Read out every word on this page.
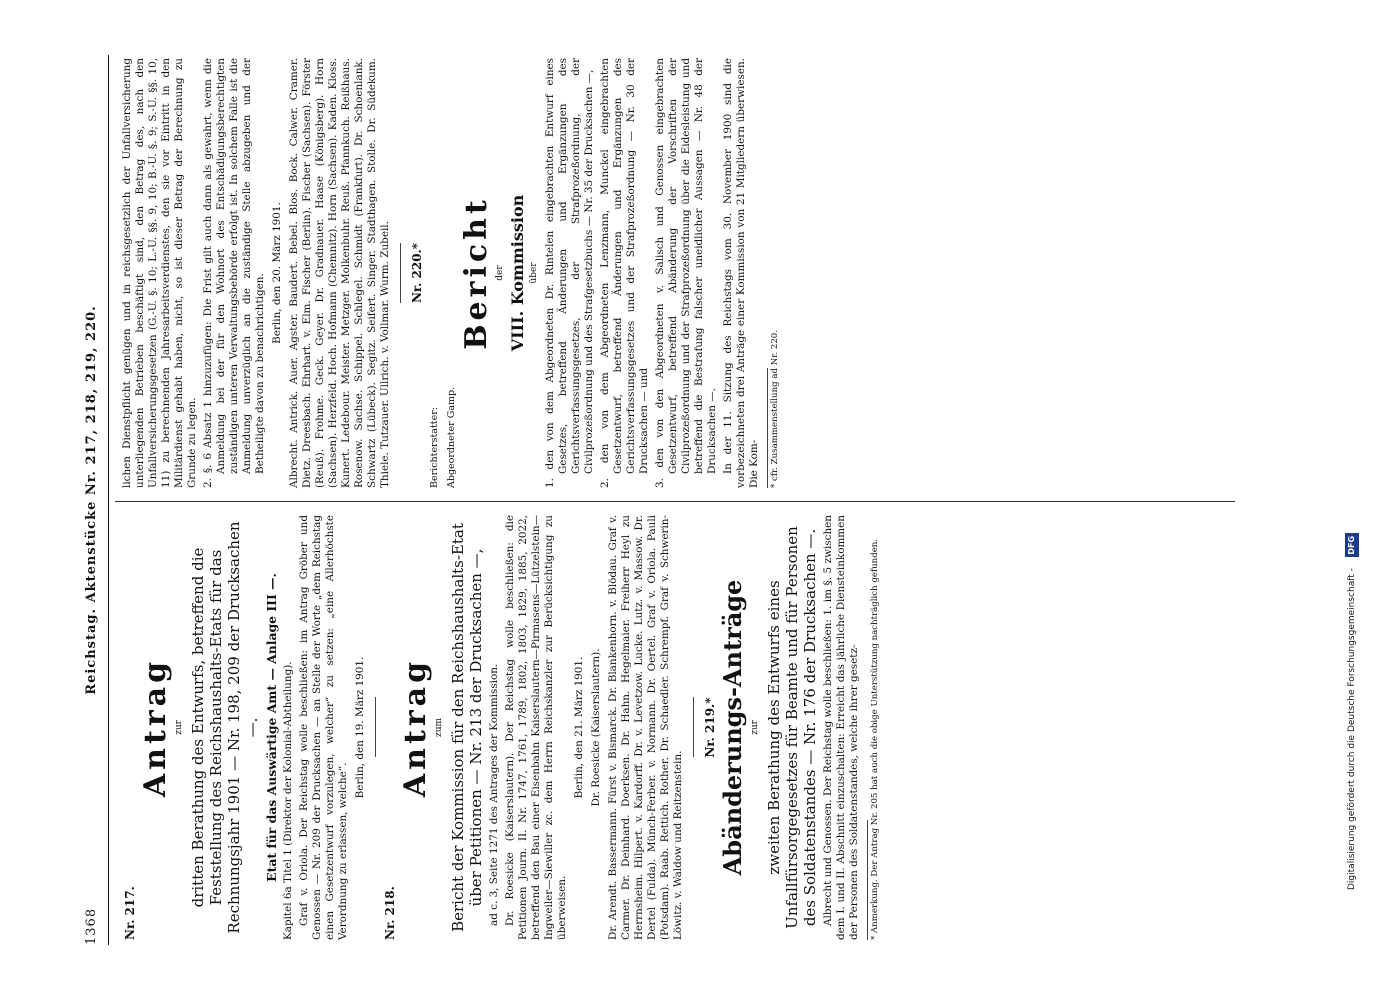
1368
Reichstag. Aktenstücke Nr. 217, 218, 219, 220.
Nr. 217.
Antrag zur dritten Berathung des Entwurfs, betreffend die Feststellung des Reichshaushalts-Etats für das Rechnungsjahr 1901 — Nr. 198, 209 der Drucksachen —. Etat für das Auswärtige Amt — Anlage III —. Kapitel 6a Titel 1 (Direktor der Kolonial-Abtheilung). Graf v. Oriola. Der Reichstag wolle beschließen: im Antrag Gröber und Genossen — Nr. 209 der Drucksachen — an Stelle der Worte „dem Reichstag einen Gesetzentwurf vorzulegen, welcher“ zu setzen: „eine Allerhöchste Verordnung zu erlassen, welche“.

Berlin, den 19. März 1901.
Nr. 218.
Antrag zum Bericht der Kommission für den Reichshaushalts-Etat über Petitionen — Nr. 213 der Drucksachen —, ad c. 3, Seite 1271 des Antrages der Kommission. Dr. Roesicke (Kaiserslautern). Der Reichstag wolle beschließen: die Petitionen Journ. II. Nr. 1747, 1761, 1789, 1802, 1803, 1829, 1885, 2022, betreffend den Bau einer Eisenbahn Kaiserslautern—Pirmasens—Lützelstein—Ingweiler—Siewiller zc. dem Herrn Reichskanzler zur Berücksichtigung zu überweisen.

Berlin, den 21. März 1901. Dr. Roesicke (Kaiserslautern). Dr. Arendt. Bassermann. Fürst v. Bismarck. Dr. Blankenhorn. v. Blödau. Graf v. Carmer. Dr. Deinhard. Doerksen. Dr. Hahn. Hegelmaier. Freiherr Heyl zu Herrnsheim. Hilpert. v. Kardorff. Dr. v. Levetzow. Lucke. Lutz. v. Massow. Dr. Dertel (Fulda). Münch-Ferber. v. Normann. Dr. Oertel. Graf v. Oriola. Pauli (Potsdam). Raab. Rettich. Rother. Dr. Schaedler. Schrempf. Graf v. Schwerin-Löwitz. v. Waldow und Reitzenstein.

Nr. 219.* Abänderungs-Anträge zur zweiten Berathung des Entwurfs eines Unfallfürsorgegesetzes für Beamte und für Personen des Soldatenstandes — Nr. 176 der Drucksachen —. Albrecht und Genossen. Der Reichstag wolle beschließen: 1. im §. 5 zwischen dem I. und II. Abschnitt einzuschalten: Erreicht das jährliche Diensteinkommen der Personen des Soldatenstandes, welche ihrer gesetz- * Anmerkung. Der Antrag Nr. 205 hat auch die obige Unterstützung nachträglich gefunden.

lichen Dienstpflicht genügen und in reichsgesetzlich der Unfallversicherung unterliegenden Betrieben beschäftigt sind, den Betrag des, nach den Unfallversicherungsgesetzen (G.-U. §. 10; L.-U. §§. 9, 10; B.-U. §. 9; S.-U. §§. 10, 11) zu berechnenden Jahresarbeitsverdienstes, den sie vor Eintritt in den Militärdienst gehabt haben, nicht, so ist dieser Betrag der Berechnung zu Grunde zu legen. 2. §. 6 Absatz 1 hinzuzufügen: Die Frist gilt auch dann als gewahrt, wenn die Anmeldung bei der für den Wohnort des Entschädigungsberechtigten zuständigen unteren Verwaltungsbehörde erfolgt ist. In solchem Falle ist die Anmeldung unverzüglich an die zuständige Stelle abzugeben und der Betheiligte davon zu benachrichtigen.

Berlin, den 20. März 1901. Albrecht. Antrick. Auer. Agster. Baudert. Bebel. Blos. Bock. Calwer. Cramer. Dietz. Dreesbach. Ehrhart. v. Elm. Fischer (Berlin). Fischer (Sachsen). Förster (Reuß). Frohme. Geck. Geyer. Dr. Gradnauer. Haase (Königsberg). Horn (Sachsen). Herzfeld. Hoch. Hofmann (Chemnitz). Horn (Sachsen). Kaden. Kloss. Kunert. Ledebour. Meister. Metzger. Molkenbuhr. Reuß. Pfannkuch. Reißhaus. Rosenow. Sachse. Schippel. Schlegel. Schmidt (Frankfurt). Dr. Schoenlank. Schwartz (Lübeck). Segitz. Seifert. Singer. Stadthagen. Stolle. Dr. Südekum. Thiele. Tutzauer. Ullrich. v. Vollmar. Wurm. Zubeil. Nr. 220.*
Berichterstatter: Abgeordneter Gamp.
Bericht der VIII. Kommission über 1. den von dem Abgeordneten Dr. Rintelen eingebrachten Entwurf eines Gesetzes, betreffend Änderungen und Ergänzungen des Gerichtsverfassungsgesetzes, der Strafprozeßordnung, der Civilprozeßordnung und des Strafgesetzbuchs — Nr. 35 der Drucksachen —, 2. den von dem Abgeordneten Lenzmann, Munckel eingebrachten Gesetzentwurf, betreffend Änderungen und Ergänzungen des Gerichtsverfassungsgesetzes und der Strafprozeßordnung — Nr. 30 der Drucksachen — und 3. den von den Abgeordneten v. Salisch und Genossen eingebrachten Gesetzentwurf, betreffend Abänderung der Vorschriften der Civilprozeßordnung und der Strafprozeßordnung über die Eidesleistung und betreffend die Bestrafung falscher uneidlicher Aussagen — Nr. 48 der Drucksachen —. In der 11. Sitzung des Reichstags vom 30. November 1900 sind die vorbezeichneten drei Anträge einer Kommission von 21 Mitgliedern überwiesen. Die Kom- * cfr. Zusammenstellung ad Nr. 220.
Digitalisierung gefördert durch die Deutsche Forschungsgemeinschaft - DFG
